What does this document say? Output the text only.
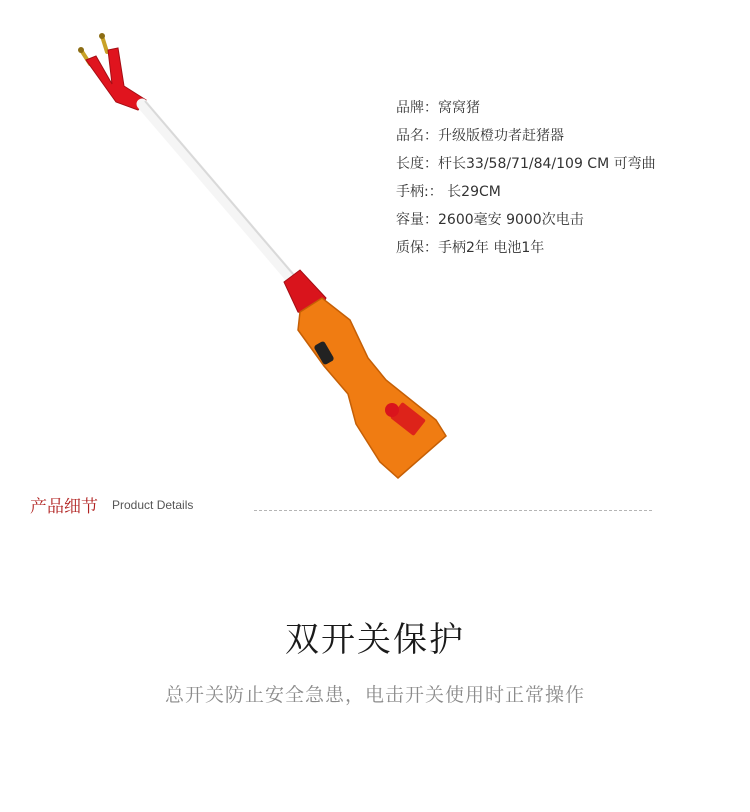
品牌：窝窝猪
品名：升级版橙功者赶猪器
长度：杆长33/58/71/84/109 CM 可弯曲
手柄:： 长29CM
容量：2600毫安 9000次电击
质保：手柄2年 电池1年
产品细节 Product Details
双开关保护
总开关防止安全急患，电击开关使用时正常操作
